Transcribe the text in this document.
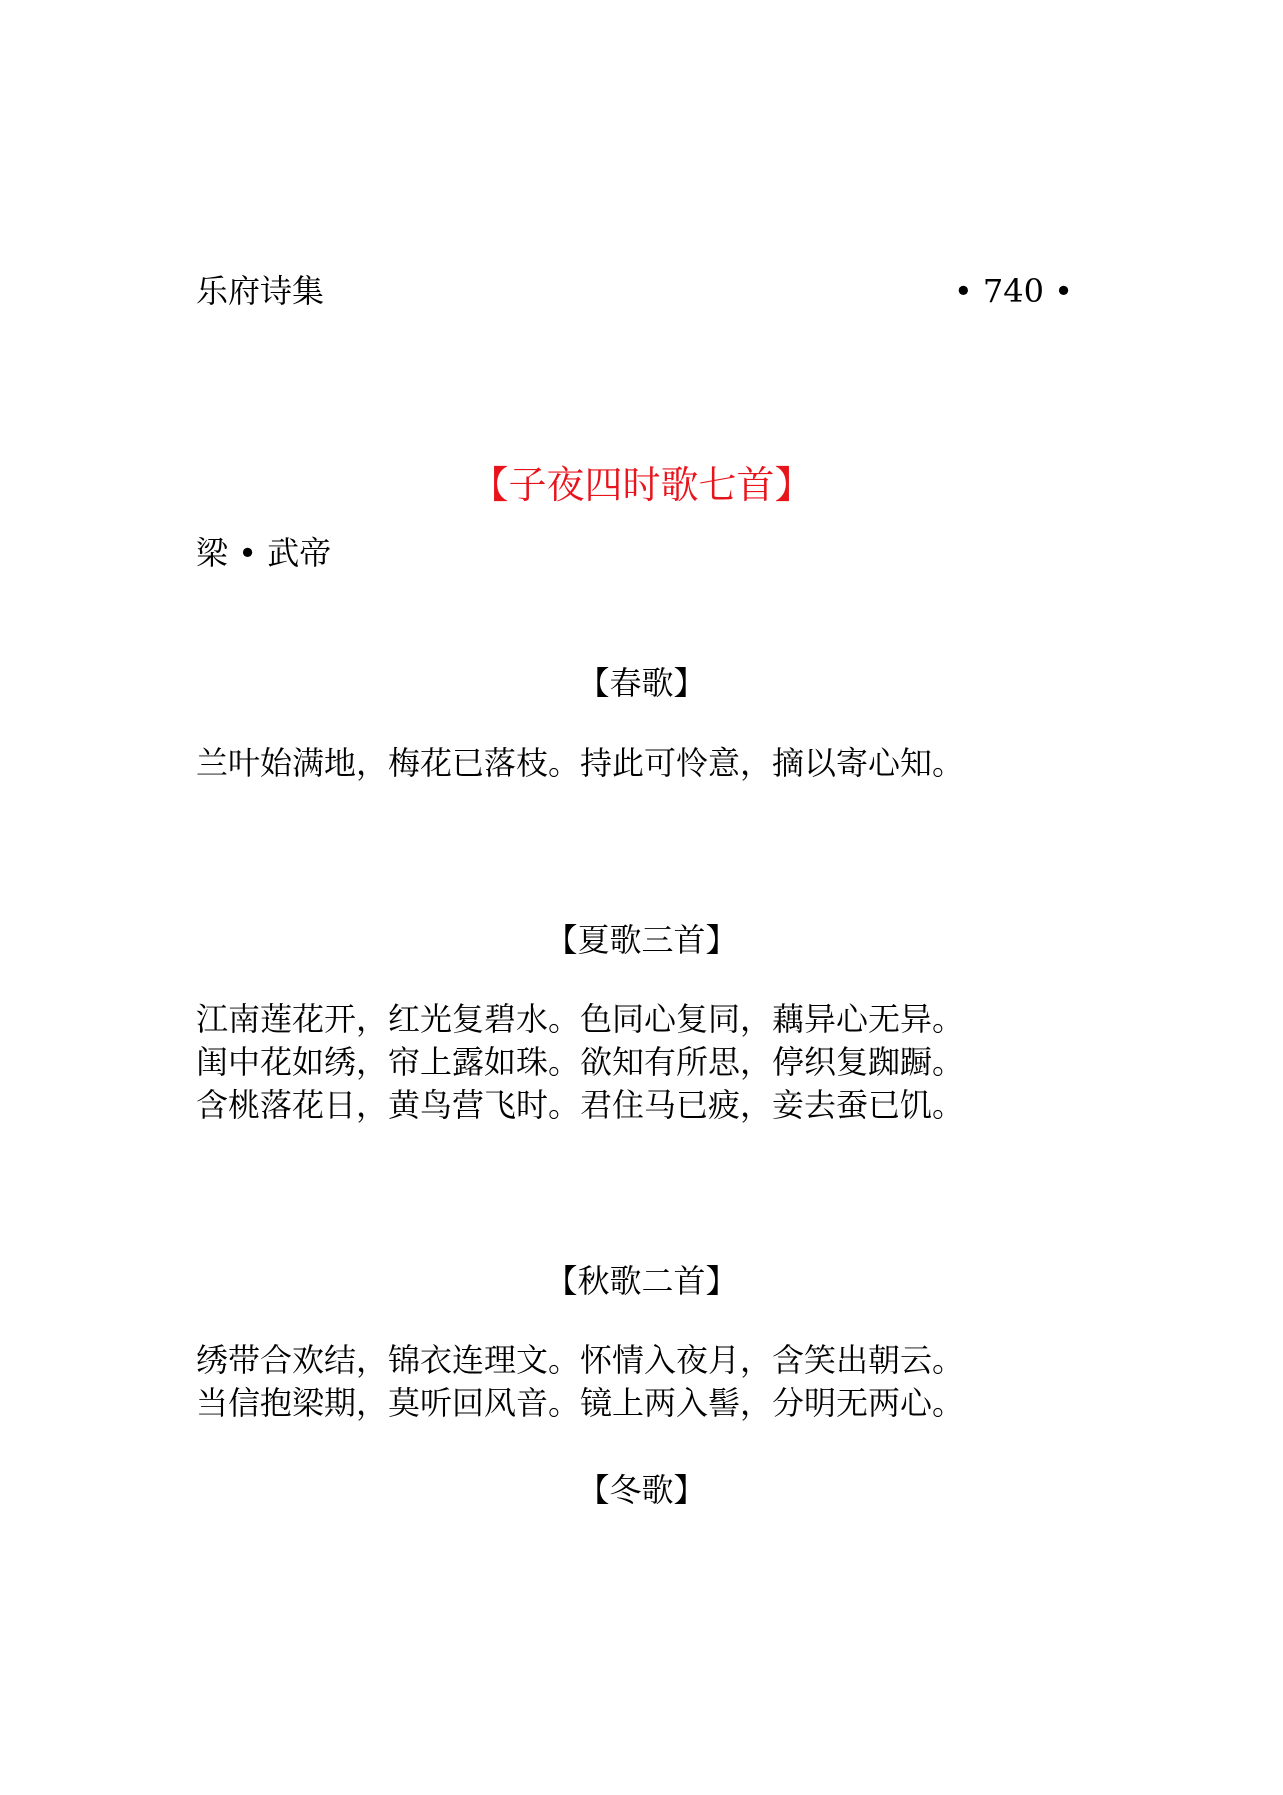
乐府诗集	• 740 •
【子夜四时歌七首】
梁 • 武帝
【春歌】
兰叶始满地，梅花已落枝。持此可怜意，摘以寄心知。
【夏歌三首】
江南莲花开，红光复碧水。色同心复同，藕异心无异。
闺中花如绣，帘上露如珠。欲知有所思，停织复踟蹰。
含桃落花日，黄鸟营飞时。君住马已疲，妾去蚕已饥。
【秋歌二首】
绣带合欢结，锦衣连理文。怀情入夜月，含笑出朝云。
当信抱梁期，莫听回风音。镜上两入髻，分明无两心。
【冬歌】
